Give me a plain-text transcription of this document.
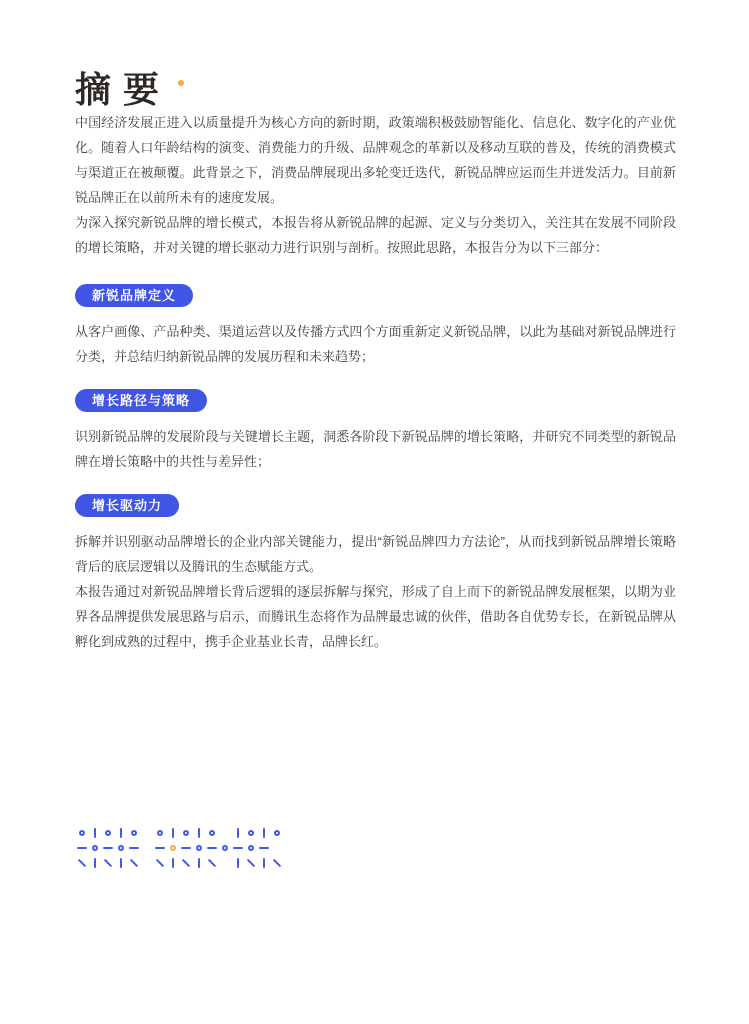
摘 要

中国经济发展正进入以质量提升为核心方向的新时期，政策端积极鼓励智能化、信息化、数字化的产业优化。随着人口年龄结构的演变、消费能力的升级、品牌观念的革新以及移动互联的普及，传统的消费模式与渠道正在被颠覆。此背景之下，消费品牌展现出多轮变迁迭代，新锐品牌应运而生并迸发活力。目前新锐品牌正在以前所未有的速度发展。

为深入探究新锐品牌的增长模式，本报告将从新锐品牌的起源、定义与分类切入，关注其在发展不同阶段的增长策略，并对关键的增长驱动力进行识别与剖析。按照此思路，本报告分为以下三部分：

新锐品牌定义

从客户画像、产品种类、渠道运营以及传播方式四个方面重新定义新锐品牌，以此为基础对新锐品牌进行分类，并总结归纳新锐品牌的发展历程和未来趋势；

增长路径与策略

识别新锐品牌的发展阶段与关键增长主题，洞悉各阶段下新锐品牌的增长策略，并研究不同类型的新锐品牌在增长策略中的共性与差异性；

增长驱动力

拆解并识别驱动品牌增长的企业内部关键能力，提出“新锐品牌四力方法论”，从而找到新锐品牌增长策略背后的底层逻辑以及腾讯的生态赋能方式。

本报告通过对新锐品牌增长背后逻辑的逐层拆解与探究，形成了自上而下的新锐品牌发展框架，以期为业界各品牌提供发展思路与启示，而腾讯生态将作为品牌最忠诚的伙伴，借助各自优势专长，在新锐品牌从孵化到成熟的过程中，携手企业基业长青，品牌长红。
